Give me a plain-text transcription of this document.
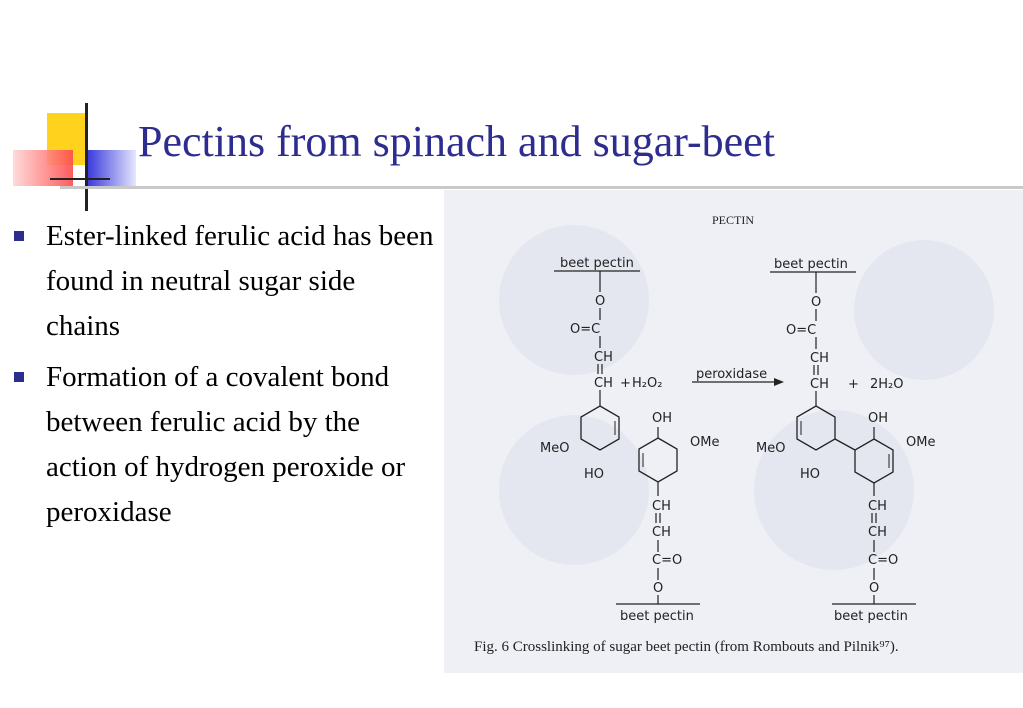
Pectins from spinach and sugar-beet
Ester-linked ferulic acid has been found in neutral sugar side chains
Formation of a covalent bond between ferulic acid by the action of hydrogen peroxide or peroxidase
PECTIN
beet pectin
O
O=C
CH
CH + H₂O₂
MeO
HO
OH
OMe
CH
CH
C=O
O
beet pectin
peroxidase
beet pectin
O
O=C
CH
CH + 2H₂O
MeO
HO
OH
OMe
CH
CH
C=O
O
beet pectin
Fig. 6 Crosslinking of sugar beet pectin (from Rombouts and Pilnik⁹⁷).
